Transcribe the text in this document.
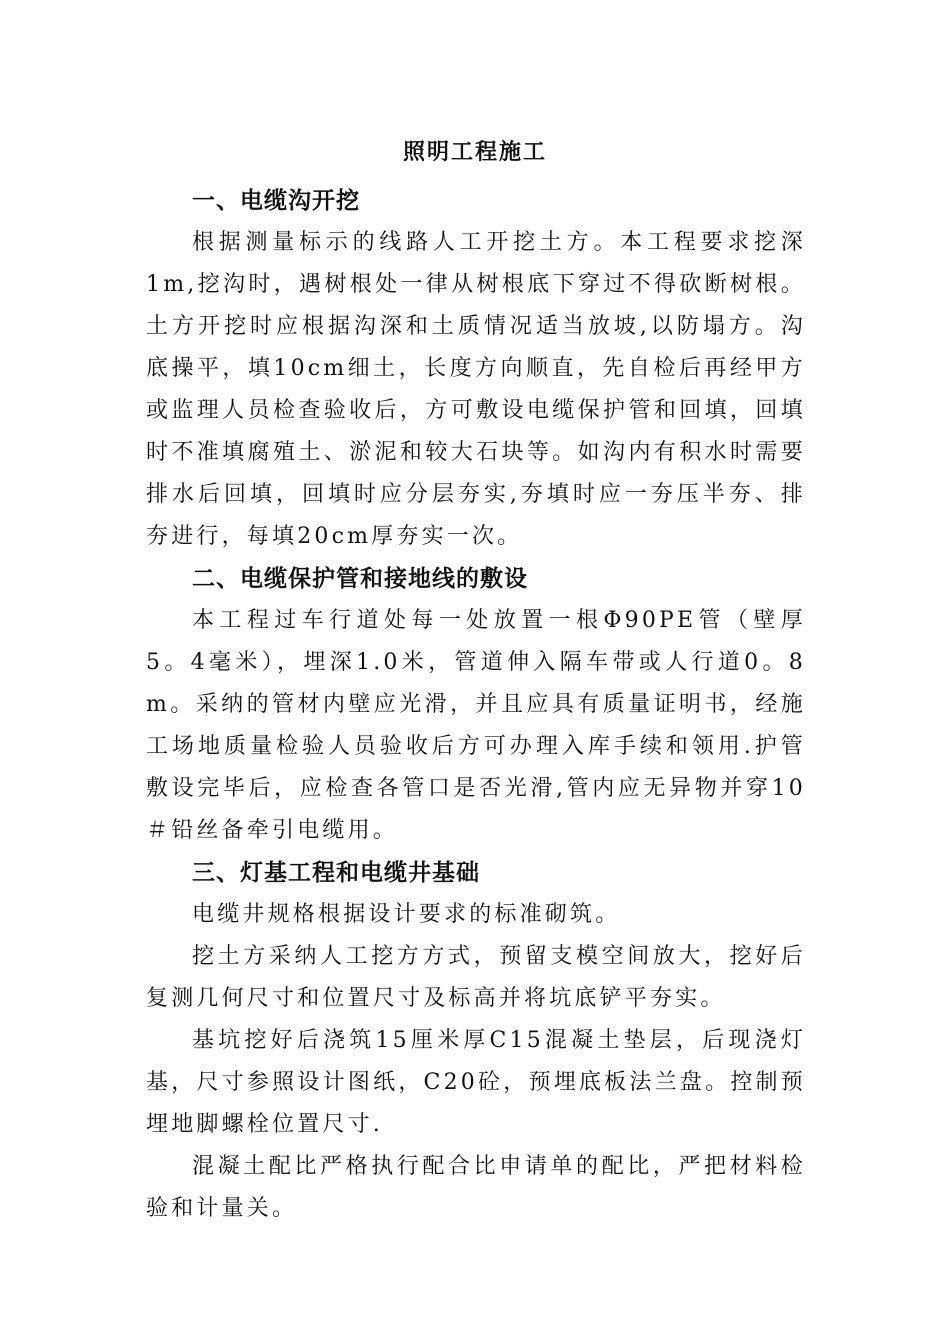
照明工程施工

一、电缆沟开挖

根据测量标示的线路人工开挖土方。本工程要求挖深 1m,挖沟时，遇树根处一律从树根底下穿过不得砍断树根。土方开挖时应根据沟深和土质情况适当放坡,以防塌方。沟底操平，填10cm细土，长度方向顺直，先自检后再经甲方或监理人员检查验收后，方可敷设电缆保护管和回填，回填时不准填腐殖土、淤泥和较大石块等。如沟内有积水时需要排水后回填，回填时应分层夯实,夯填时应一夯压半夯、排夯进行，每填20cm厚夯实一次。

二、电缆保护管和接地线的敷设

本工程过车行道处每一处放置一根Φ90PE管（壁厚5。4毫米），埋深1.0米，管道伸入隔车带或人行道0。8 m。采纳的管材内壁应光滑，并且应具有质量证明书，经施工场地质量检验人员验收后方可办理入库手续和领用.护管敷设完毕后，应检查各管口是否光滑,管内应无异物并穿10＃铅丝备牵引电缆用。

三、灯基工程和电缆井基础

电缆井规格根据设计要求的标准砌筑。

挖土方采纳人工挖方方式，预留支模空间放大，挖好后复测几何尺寸和位置尺寸及标高并将坑底铲平夯实。

基坑挖好后浇筑15厘米厚C15混凝土垫层，后现浇灯基，尺寸参照设计图纸，C20砼，预埋底板法兰盘。控制预埋地脚螺栓位置尺寸.

混凝土配比严格执行配合比申请单的配比，严把材料检验和计量关。
